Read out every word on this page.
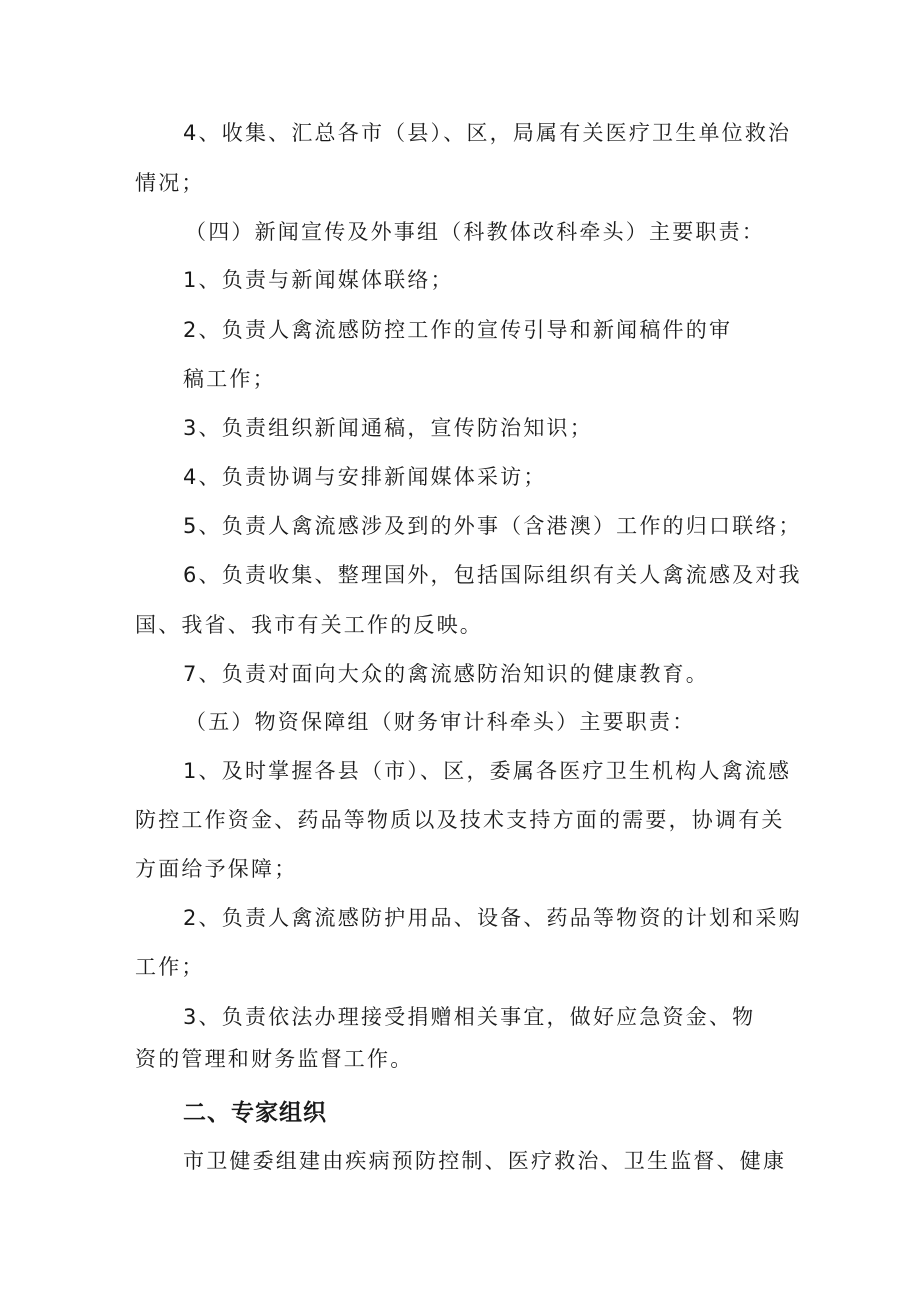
4、收集、汇总各市（县）、区，局属有关医疗卫生单位救治
情况；
（四）新闻宣传及外事组（科教体改科牵头）主要职责：
1、负责与新闻媒体联络；
2、负责人禽流感防控工作的宣传引导和新闻稿件的审
稿工作；
3、负责组织新闻通稿，宣传防治知识；
4、负责协调与安排新闻媒体采访；
5、负责人禽流感涉及到的外事（含港澳）工作的归口联络；
6、负责收集、整理国外，包括国际组织有关人禽流感及对我
国、我省、我市有关工作的反映。
7、负责对面向大众的禽流感防治知识的健康教育。
（五）物资保障组（财务审计科牵头）主要职责：
1、及时掌握各县（市）、区，委属各医疗卫生机构人禽流感
防控工作资金、药品等物质以及技术支持方面的需要，协调有关
方面给予保障；
2、负责人禽流感防护用品、设备、药品等物资的计划和采购
工作；
3、负责依法办理接受捐赠相关事宜，做好应急资金、物
资的管理和财务监督工作。
二、专家组织
市卫健委组建由疾病预防控制、医疗救治、卫生监督、健康
